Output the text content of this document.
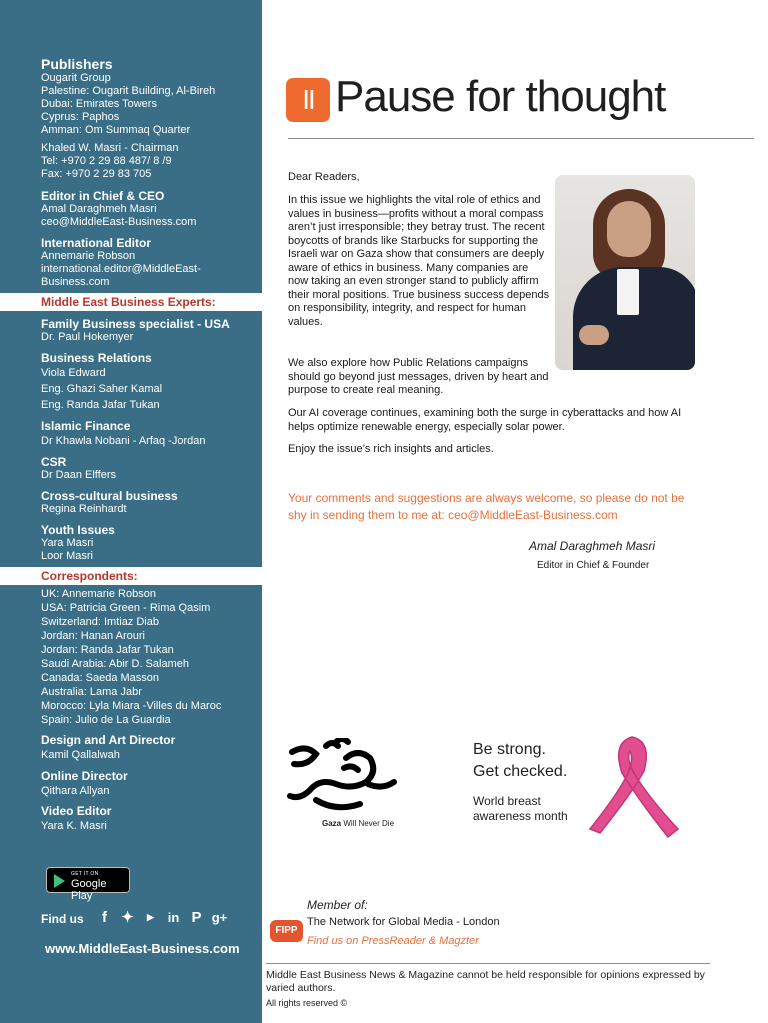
Publishers
Ougarit Group
Palestine: Ougarit Building, Al-Bireh
Dubai: Emirates Towers
Cyprus: Paphos
Amman: Om Summaq Quarter
Khaled W. Masri - Chairman
Tel: +970 2 29 88 487/ 8 /9
Fax: +970 2 29 83 705
Editor in Chief & CEO
Amal Daraghmeh Masri
ceo@MiddleEast-Business.com
International Editor
Annemarie Robson
international.editor@MiddleEast-
Business.com
Middle East Business Experts:
Family Business specialist - USA
Dr. Paul Hokemyer
Business Relations
Viola Edward
Eng. Ghazi Saher Kamal
Eng. Randa Jafar Tukan
Islamic Finance
Dr Khawla Nobani - Arfaq -Jordan
CSR
Dr Daan Elffers
Cross-cultural business
Regina Reinhardt
Youth Issues
Yara Masri
Loor Masri
Correspondents:
UK: Annemarie Robson
USA: Patricia Green - Rima Qasim
Switzerland: Imtiaz Diab
Jordan: Hanan Arouri
Jordan: Randa Jafar Tukan
Saudi Arabia: Abir D. Salameh
Canada: Saeda Masson
Australia: Lama Jabr
Morocco: Lyla Miara -Villes du Maroc
Spain: Julio de La Guardia
Design and Art Director
Kamil Qallalwah
Online Director
Qithara Allyan
Video Editor
Yara K. Masri
GET IT ON
Google Play
Find us	f ✦	▶	in P g+
www.MiddleEast-Business.com
II Pause for thought
Dear Readers,
In this issue we highlights the vital role of ethics and values in business—profits without a moral compass aren’t just irresponsible; they betray trust. The recent boycotts of brands like Starbucks for supporting the Israeli war on Gaza show that consumers are deeply aware of ethics in business. Many companies are now taking an even stronger stand to publicly affirm their moral positions. True business success depends on responsibility, integrity, and respect for human values.
We also explore how Public Relations campaigns should go beyond just messages, driven by heart and purpose to create real meaning.
Our AI coverage continues, examining both the surge in cyberattacks and how AI helps optimize renewable energy, especially solar power.
Enjoy the issue’s rich insights and articles.
Your comments and suggestions are always welcome, so please do not be shy in sending them to me at: ceo@MiddleEast-Business.com
Amal Daraghmeh Masri
Editor in Chief & Founder
Gaza Will Never Die
Be strong.
Get checked.
World breast
awareness month
Member of:
FIPP
The Network for Global Media - London
Find us on PressReader & Magzter
Middle East Business News & Magazine cannot be held responsible for opinions expressed by varied authors.
All rights reserved ©
